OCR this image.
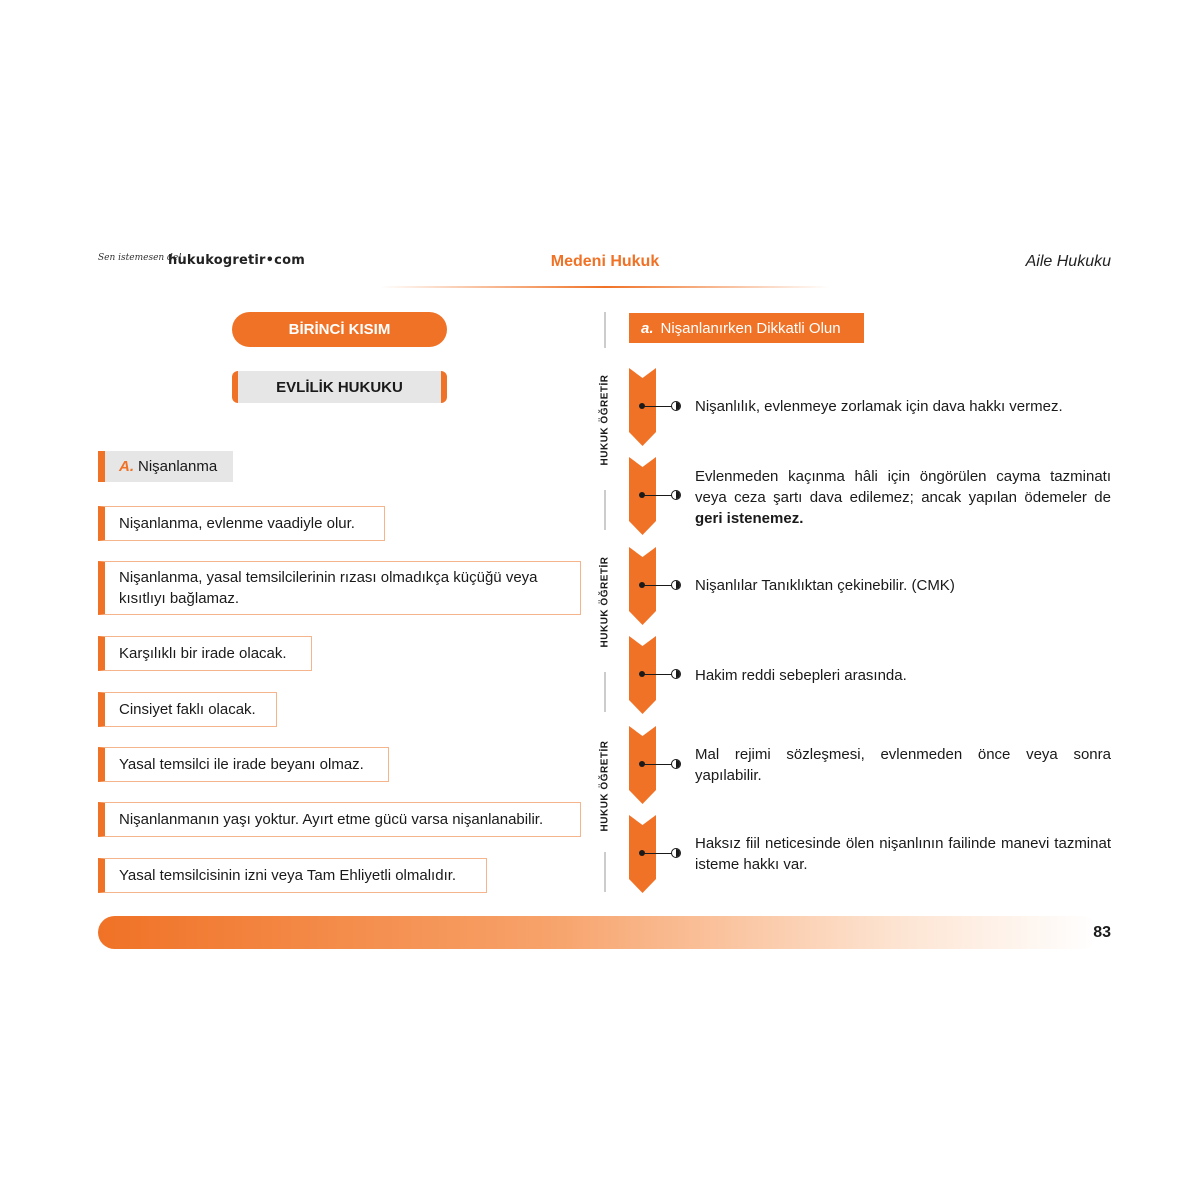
Sen istemesen de!
hukukogretir•com	Medeni Hukuk	Aile Hukuku
BİRİNCİ KISIM
EVLİLİK HUKUKU
A. Nişanlanma
Nişanlanma, evlenme vaadiyle olur.
Nişanlanma, yasal temsilcilerinin rızası olmadıkça küçüğü veya kısıtlıyı bağlamaz.
Karşılıklı bir irade olacak.
Cinsiyet faklı olacak.
Yasal temsilci ile irade beyanı olmaz.
Nişanlanmanın yaşı yoktur. Ayırt etme gücü varsa nişanlanabilir.
Yasal temsilcisinin izni veya Tam Ehliyetli olmalıdır.
HUKUK ÖĞRETİR
HUKUK ÖĞRETİR
HUKUK ÖĞRETİR
a. Nişanlanırken Dikkatli Olun
Nişanlılık, evlenmeye zorlamak için dava hakkı vermez.
Evlenmeden kaçınma hâli için öngörülen cayma tazminatı veya ceza şartı dava edilemez; ancak yapılan ödemeler de geri istenemez.
Nişanlılar Tanıklıktan çekinebilir. (CMK)
Hakim reddi sebepleri arasında.
Mal rejimi sözleşmesi, evlenmeden önce veya sonra yapılabilir.
Haksız fiil neticesinde ölen nişanlının failinde manevi tazminat isteme hakkı var.
83
